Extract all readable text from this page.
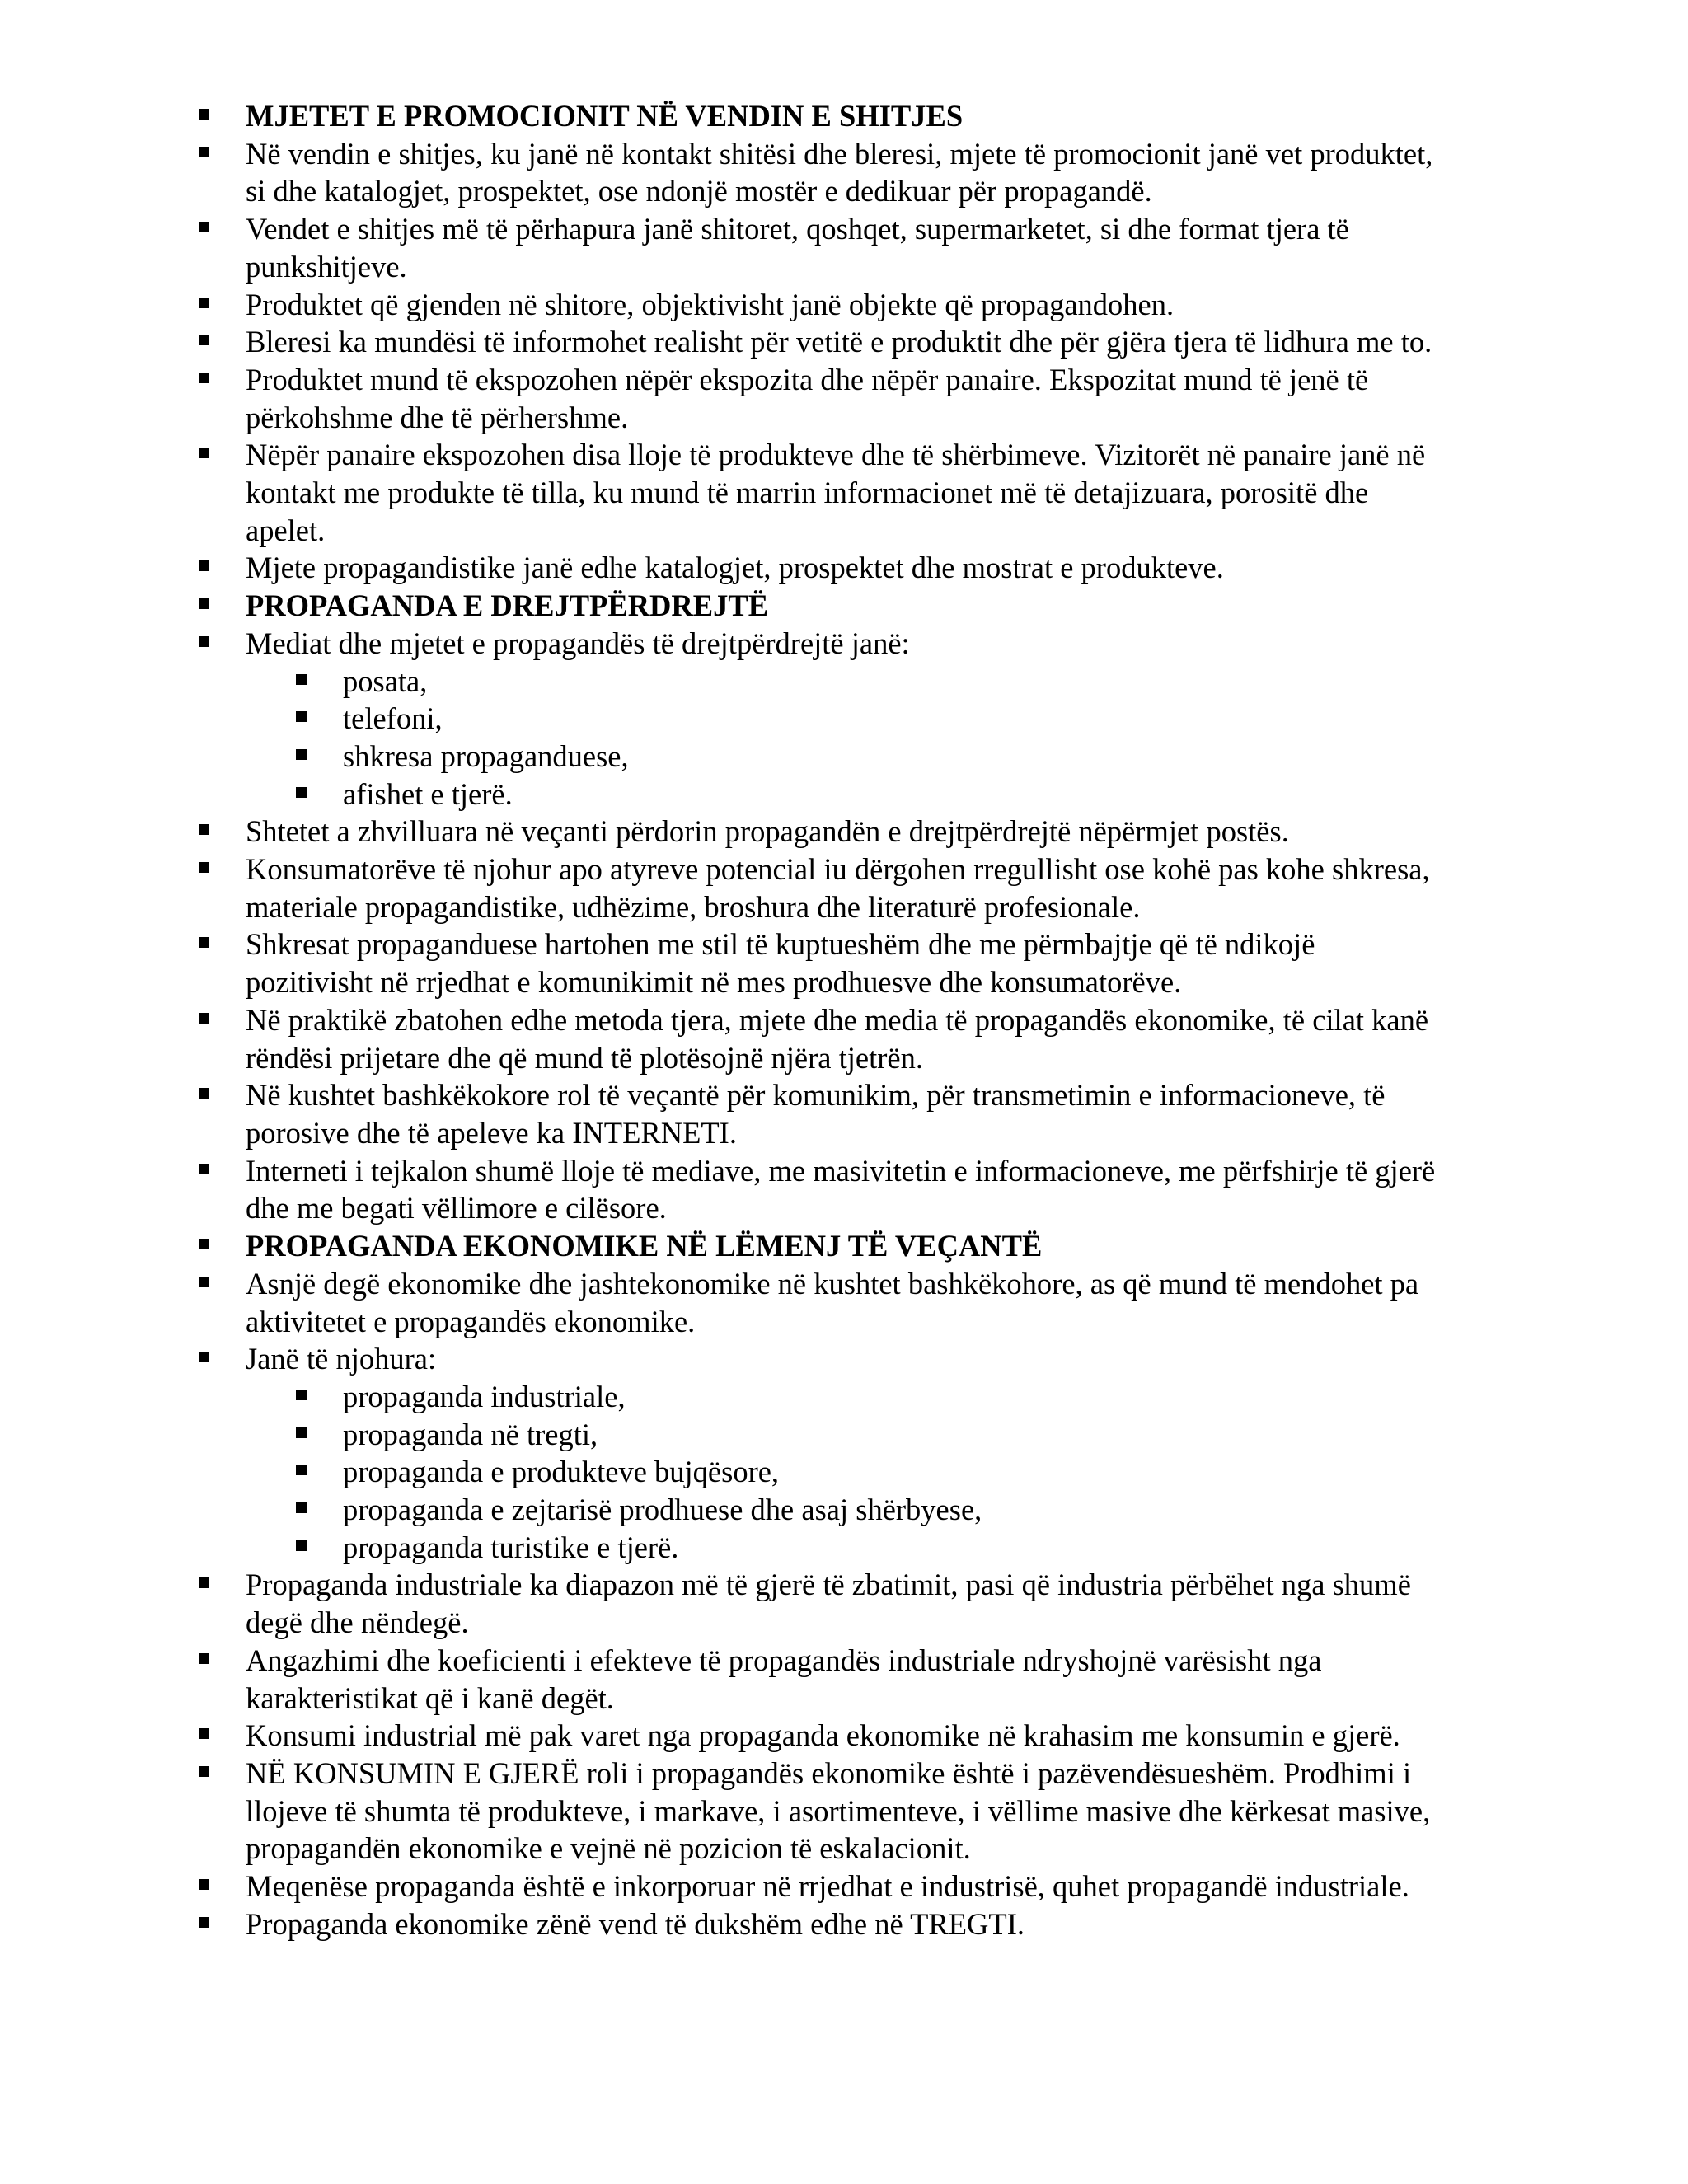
MJETET E PROMOCIONIT NË VENDIN E SHITJES
Në vendin e shitjes, ku janë në kontakt shitësi dhe bleresi, mjete të promocionit janë vet produktet,
si dhe katalogjet, prospektet, ose ndonjë mostër e dedikuar për propagandë.
Vendet e shitjes më të përhapura janë shitoret, qoshqet, supermarketet, si dhe format tjera të
punkshitjeve.
Produktet që gjenden në shitore, objektivisht janë objekte që propagandohen.
Bleresi ka mundësi të informohet realisht për vetitë e produktit dhe për gjëra tjera të lidhura me to.
Produktet mund të ekspozohen nëpër ekspozita dhe nëpër panaire. Ekspozitat mund të jenë të
përkohshme dhe të përhershme.
Nëpër panaire ekspozohen disa lloje të produkteve dhe të shërbimeve. Vizitorët në panaire janë në
kontakt me produkte të tilla, ku mund të marrin informacionet më të detajizuara, porositë dhe
apelet.
Mjete propagandistike janë edhe katalogjet, prospektet dhe mostrat e produkteve.
PROPAGANDA E DREJTPËRDREJTË
Mediat dhe mjetet e propagandës të drejtpërdrejtë janë:
posata,
telefoni,
shkresa propaganduese,
afishet e tjerë.
Shtetet a zhvilluara në veçanti përdorin propagandën e drejtpërdrejtë nëpërmjet postës.
Konsumatorëve të njohur apo atyreve potencial iu dërgohen rregullisht ose kohë pas kohe shkresa,
materiale propagandistike, udhëzime, broshura dhe literaturë profesionale.
Shkresat propaganduese hartohen me stil të kuptueshëm dhe me përmbajtje që të ndikojë
pozitivisht në rrjedhat e komunikimit në mes prodhuesve dhe konsumatorëve.
Në praktikë zbatohen edhe metoda tjera, mjete dhe media të propagandës ekonomike, të cilat kanë
rëndësi prijetare dhe që mund të plotësojnë njëra tjetrën.
Në kushtet bashkëkokore rol të veçantë për komunikim, për transmetimin e informacioneve, të
porosive dhe të apeleve ka INTERNETI.
Interneti i tejkalon shumë lloje të mediave, me masivitetin e informacioneve, me përfshirje të gjerë
dhe me begati vëllimore e cilësore.
PROPAGANDA EKONOMIKE NË LËMENJ TË VEÇANTË
Asnjë degë ekonomike dhe jashtekonomike në kushtet bashkëkohore, as që mund të mendohet pa
aktivitetet e propagandës ekonomike.
Janë të njohura:
propaganda industriale,
propaganda në tregti,
propaganda e produkteve bujqësore,
propaganda e zejtarisë prodhuese dhe asaj shërbyese,
propaganda turistike e tjerë.
Propaganda industriale ka diapazon më të gjerë të zbatimit, pasi që industria përbëhet nga shumë
degë dhe nëndegë.
Angazhimi dhe koeficienti i efekteve të propagandës industriale ndryshojnë varësisht nga
karakteristikat që i kanë degët.
Konsumi industrial më pak varet nga propaganda ekonomike në krahasim me konsumin e gjerë.
NË KONSUMIN E GJERË roli i propagandës ekonomike është i pazëvendësueshëm. Prodhimi i
llojeve të shumta të produkteve, i markave, i asortimenteve, i vëllime masive dhe kërkesat masive,
propagandën ekonomike e vejnë në pozicion të eskalacionit.
Meqenëse propaganda është e inkorporuar në rrjedhat e industrisë, quhet propagandë industriale.
Propaganda ekonomike zënë vend të dukshëm edhe në TREGTI.
